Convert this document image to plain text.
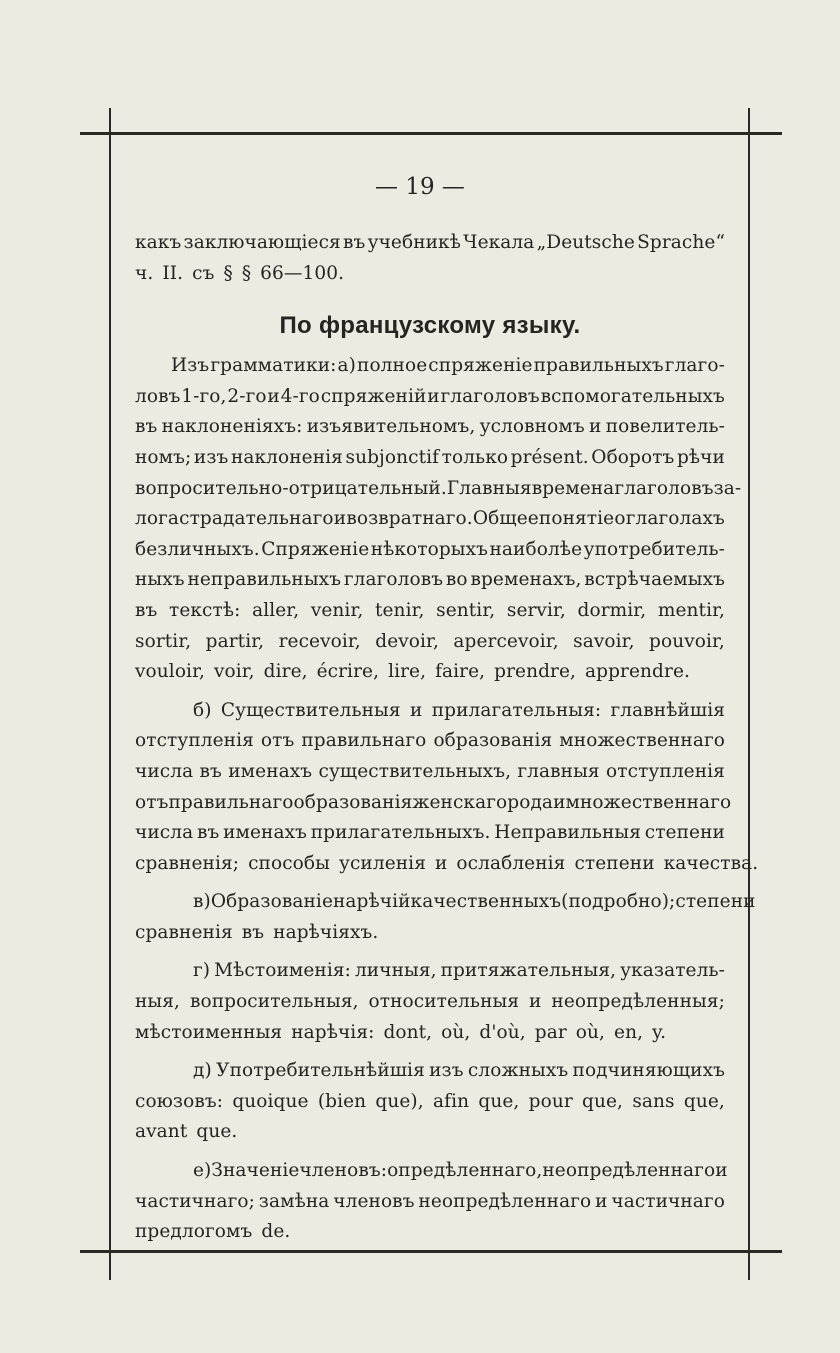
— 19 —
какъ заключающіеся въ учебникѣ Чекала „Deutsche Sprache“
ч. II. съ § § 66—100.
По французскому языку.
Изъ грамматики: а) полное спряженіе правильныхъ глаго-
ловъ 1-го, 2-го и 4-го спряженій и глаголовъ вспомогательныхъ
въ наклоненіяхъ: изъявительномъ, условномъ и повелитель-
номъ; изъ наклоненія subjonctif только présent. Оборотъ рѣчи
вопросительно-отрицательный. Главныя времена глаголовъ за-
лога страдательнаго и возвратнаго. Общее понятіе о глаголахъ
безличныхъ. Спряженіе нѣкоторыхъ наиболѣе употребитель-
ныхъ неправильныхъ глаголовъ во временахъ, встрѣчаемыхъ
въ текстѣ: aller, venir, tenir, sentir, servir, dormir, mentir,
sortir, partir, recevoir, devoir, apercevoir, savoir, pouvoir,
vouloir, voir, dire, écrire, lire, faire, prendre, apprendre.
б) Существительныя и прилагательныя: главнѣйшія
отступленія отъ правильнаго образованія множественнаго
числа въ именахъ существительныхъ, главныя отступленія
отъ правильнаго образованія женскаго рода и множественнаго
числа въ именахъ прилагательныхъ. Неправильныя степени
сравненія; способы усиленія и ослабленія степени качества.
в) Образованіе нарѣчій качественныхъ (подробно); степени
сравненія въ нарѣчіяхъ.
г) Мѣстоименія: личныя, притяжательныя, указатель-
ныя, вопросительныя, относительныя и неопредѣленныя;
мѣстоименныя нарѣчія: dont, où, d'où, par où, en, y.
д) Употребительнѣйшія изъ сложныхъ подчиняющихъ
союзовъ: quoique (bien que), afin que, pour que, sans que,
avant que.
е) Значеніе членовъ: опредѣленнаго, неопредѣленнаго и
частичнаго; замѣна членовъ неопредѣленнаго и частичнаго
предлогомъ de.
